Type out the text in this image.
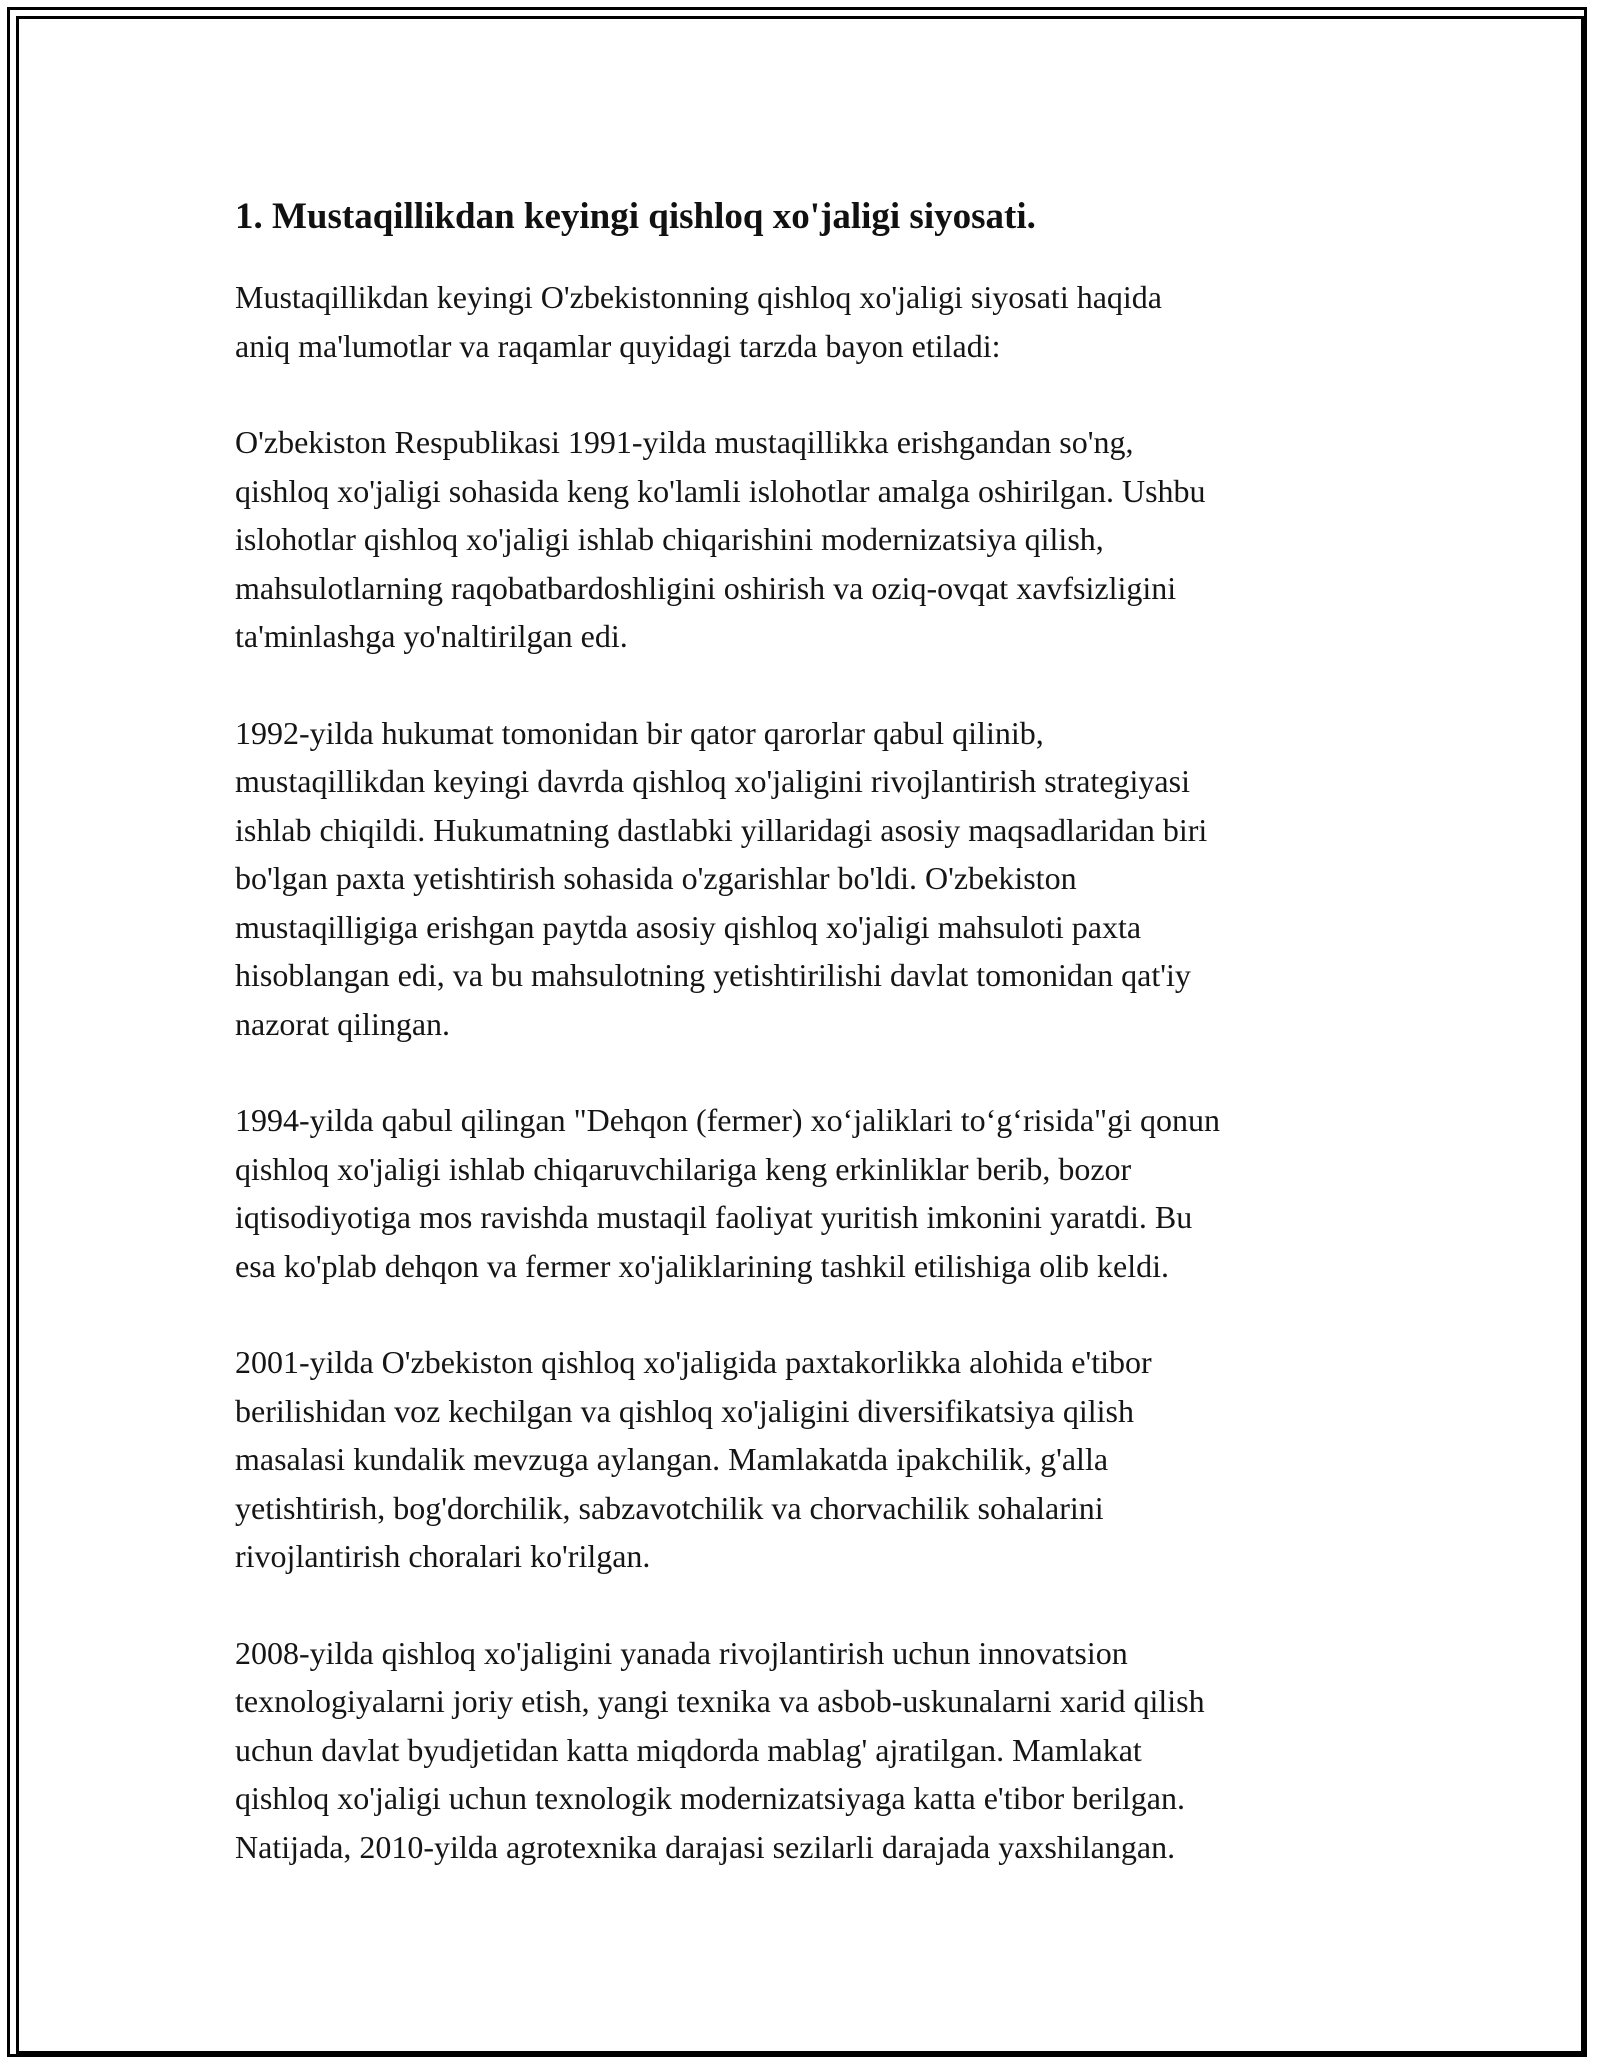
1. Mustaqillikdan keyingi qishloq xo'jaligi siyosati.
Mustaqillikdan keyingi O'zbekistonning qishloq xo'jaligi siyosati haqida
aniq ma'lumotlar va raqamlar quyidagi tarzda bayon etiladi:
O'zbekiston Respublikasi 1991-yilda mustaqillikka erishgandan so'ng,
qishloq xo'jaligi sohasida keng ko'lamli islohotlar amalga oshirilgan. Ushbu
islohotlar qishloq xo'jaligi ishlab chiqarishini modernizatsiya qilish,
mahsulotlarning raqobatbardoshligini oshirish va oziq-ovqat xavfsizligini
ta'minlashga yo'naltirilgan edi.
1992-yilda hukumat tomonidan bir qator qarorlar qabul qilinib,
mustaqillikdan keyingi davrda qishloq xo'jaligini rivojlantirish strategiyasi
ishlab chiqildi. Hukumatning dastlabki yillaridagi asosiy maqsadlaridan biri
bo'lgan paxta yetishtirish sohasida o'zgarishlar bo'ldi. O'zbekiston
mustaqilligiga erishgan paytda asosiy qishloq xo'jaligi mahsuloti paxta
hisoblangan edi, va bu mahsulotning yetishtirilishi davlat tomonidan qat'iy
nazorat qilingan.
1994-yilda qabul qilingan "Dehqon (fermer) xo‘jaliklari to‘g‘risida"gi qonun
qishloq xo'jaligi ishlab chiqaruvchilariga keng erkinliklar berib, bozor
iqtisodiyotiga mos ravishda mustaqil faoliyat yuritish imkonini yaratdi. Bu
esa ko'plab dehqon va fermer xo'jaliklarining tashkil etilishiga olib keldi.
2001-yilda O'zbekiston qishloq xo'jaligida paxtakorlikka alohida e'tibor
berilishidan voz kechilgan va qishloq xo'jaligini diversifikatsiya qilish
masalasi kundalik mevzuga aylangan. Mamlakatda ipakchilik, g'alla
yetishtirish, bog'dorchilik, sabzavotchilik va chorvachilik sohalarini
rivojlantirish choralari ko'rilgan.
2008-yilda qishloq xo'jaligini yanada rivojlantirish uchun innovatsion
texnologiyalarni joriy etish, yangi texnika va asbob-uskunalarni xarid qilish
uchun davlat byudjetidan katta miqdorda mablag' ajratilgan. Mamlakat
qishloq xo'jaligi uchun texnologik modernizatsiyaga katta e'tibor berilgan.
Natijada, 2010-yilda agrotexnika darajasi sezilarli darajada yaxshilangan.
